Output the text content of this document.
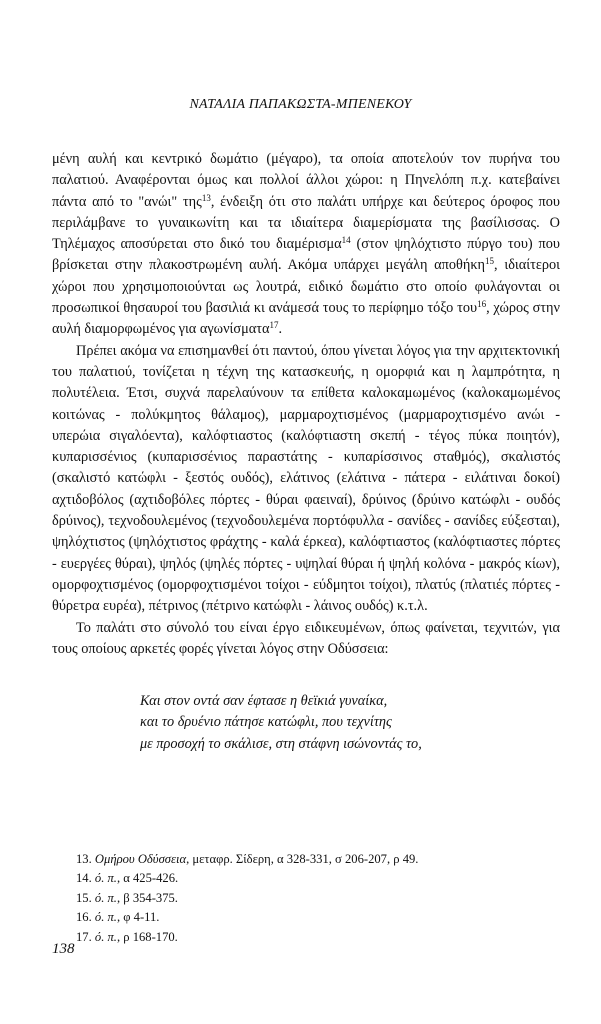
ΝΑΤΑΛΙΑ ΠΑΠΑΚΩΣΤΑ-ΜΠΕΝΕΚΟΥ

μένη αυλή και κεντρικό δωμάτιο (μέγαρο), τα οποία αποτελούν τον πυρήνα του παλατιού. Αναφέρονται όμως και πολλοί άλλοι χώροι: η Πηνελόπη π.χ. κατεβαίνει πάντα από το "ανώι" της$^{13}$, ένδειξη ότι στο παλάτι υπήρχε και δεύτερος όροφος που περιλάμβανε το γυναικωνίτη και τα ιδιαίτερα διαμερίσματα της βασίλισσας. Ο Τηλέμαχος αποσύρεται στο δικό του διαμέρισμα$^{14}$ (στον ψηλόχτιστο πύργο του) που βρίσκεται στην πλακοστρωμένη αυλή. Ακόμα υπάρχει μεγάλη αποθήκη$^{15}$, ιδιαίτεροι χώροι που χρησιμοποιούνται ως λουτρά, ειδικό δωμάτιο στο οποίο φυλάγονται οι προσωπικοί θησαυροί του βασιλιά κι ανάμεσά τους το περίφημο τόξο του$^{16}$, χώρος στην αυλή διαμορφωμένος για αγωνίσματα$^{17}$.

Πρέπει ακόμα να επισημανθεί ότι παντού, όπου γίνεται λόγος για την αρχιτεκτονική του παλατιού, τονίζεται η τέχνη της κατασκευής, η ομορφιά και η λαμπρότητα, η πολυτέλεια. Έτσι, συχνά παρελαύνουν τα επίθετα καλοκαμωμένος (καλοκαμωμένος κοιτώνας - πολύκμητος θάλαμος), μαρμαροχτισμένος (μαρμαροχτισμένο ανώι - υπερώια σιγαλόεντα), καλόφτιαστος (καλόφτιαστη σκεπή - τέγος πύκα ποιητόν), κυπαρισσένιος (κυπαρισσένιος παραστάτης - κυπαρίσσινος σταθμός), σκαλιστός (σκαλιστό κατώφλι - ξεστός ουδός), ελάτινος (ελάτινα - πάτερα - ειλάτιναι δοκοί) αχτιδοβόλος (αχτιδοβόλες πόρτες - θύραι φαειναί), δρύινος (δρύινο κατώφλι - ουδός δρύινος), τεχνοδουλεμένος (τεχνοδουλεμένα πορτόφυλλα - σανίδες - σανίδες εύξεσται), ψηλόχτιστος (ψηλόχτιστος φράχτης - καλά έρκεα), καλόφτιαστος (καλόφτιαστες πόρτες - ευεργέες θύραι), ψηλός (ψηλές πόρτες - υψηλαί θύραι ή ψηλή κολόνα - μακρός κίων), ομορφοχτισμένος (ομορφοχτισμένοι τοίχοι - εύδμητοι τοίχοι), πλατύς (πλατιές πόρτες - θύρετρα ευρέα), πέτρινος (πέτρινο κατώφλι - λάινος ουδός) κ.τ.λ.

Το παλάτι στο σύνολό του είναι έργο ειδικευμένων, όπως φαίνεται, τεχνιτών, για τους οποίους αρκετές φορές γίνεται λόγος στην Οδύσσεια:

Και στον οντά σαν έφτασε η θεϊκιά γυναίκα,
και το δρυένιο πάτησε κατώφλι, που τεχνίτης
με προσοχή το σκάλισε, στη στάφνη ισώνοντάς το,
13. Ομήρου Οδύσσεια, μεταφρ. Σίδερη, α 328-331, σ 206-207, ρ 49.
14. ό. π., α 425-426.
15. ό. π., β 354-375.
16. ό. π., φ 4-11.
17. ό. π., ρ 168-170.
138
